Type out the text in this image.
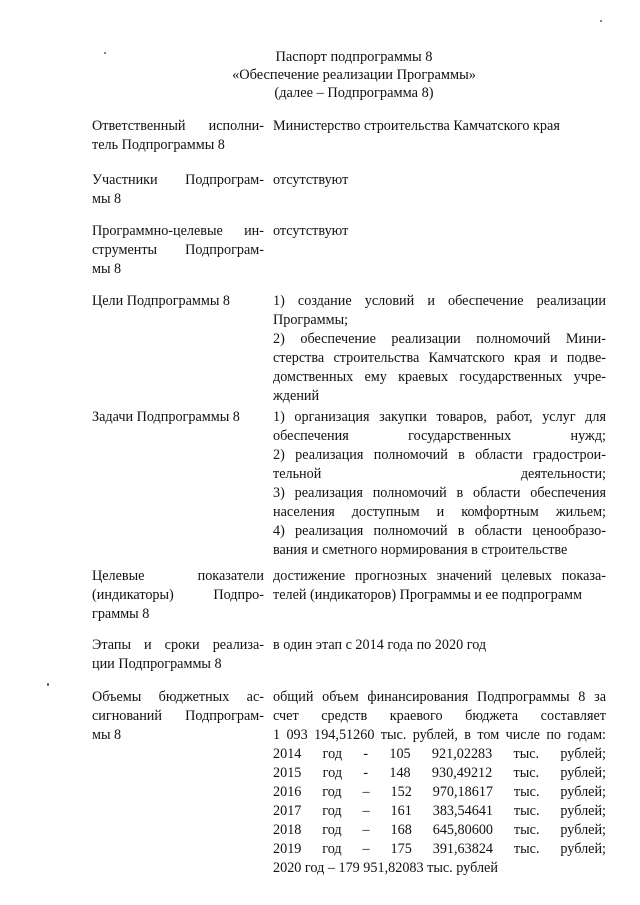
Паспорт подпрограммы 8
«Обеспечение реализации Программы»
(далее – Подпрограмма 8)
Ответственный исполни-
тель Подпрограммы 8
Министерство строительства Камчатского края
Участники Подпрограм-
мы 8
отсутствуют
Программно-целевые ин-
струменты Подпрограм-
мы 8
отсутствуют
Цели Подпрограммы 8	1) создание условий и обеспечение реализации
Программы;
2) обеспечение реализации полномочий Мини-
стерства строительства Камчатского края и подве-
домственных ему краевых государственных учре-
ждений
Задачи Подпрограммы 8	1) организация закупки товаров, работ, услуг для
обеспечения государственных нужд;
2) реализация полномочий в области градострои-
тельной деятельности;
3) реализация полномочий в области обеспечения
населения доступным и комфортным жильем;
4) реализация полномочий в области ценообразо-
вания и сметного нормирования в строительстве
Целевые показатели
(индикаторы) Подпро-
граммы 8
достижение прогнозных значений целевых показа-
телей (индикаторов) Программы и ее подпрограмм
Этапы и сроки реализа-
ции Подпрограммы 8
в один этап с 2014 года по 2020 год
Объемы бюджетных ас-
сигнований Подпрограм-
мы 8
общий объем финансирования Подпрограммы 8 за
счет средств краевого бюджета составляет
1 093 194,51260 тыс. рублей, в том числе по годам:
2014 год - 105 921,02283 тыс. рублей;
2015 год - 148 930,49212 тыс. рублей;
2016 год – 152 970,18617 тыс. рублей;
2017 год – 161 383,54641 тыс. рублей;
2018 год – 168 645,80600 тыс. рублей;
2019 год – 175 391,63824 тыс. рублей;
2020 год – 179 951,82083 тыс. рублей
